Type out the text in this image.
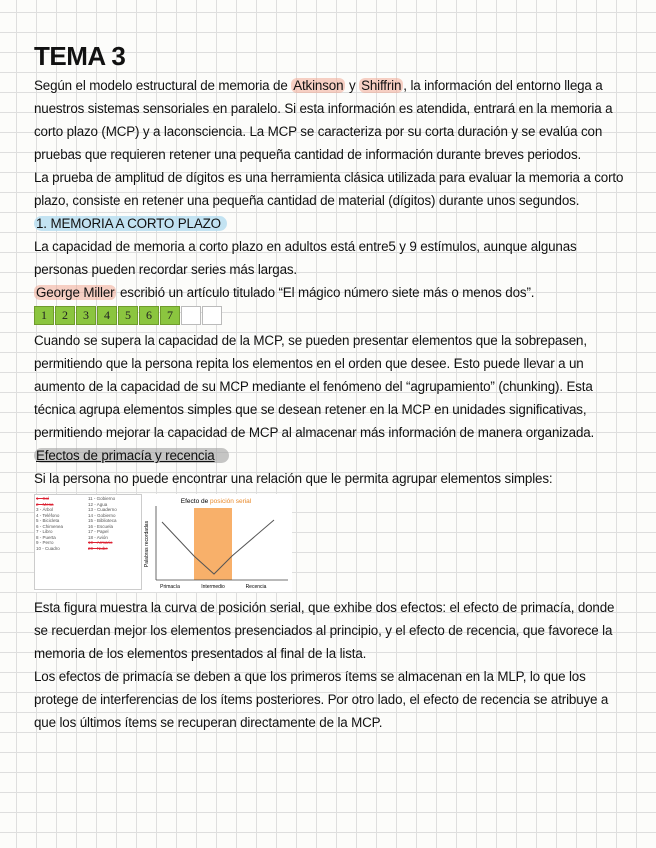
TEMA 3

Según el modelo estructural de memoria de Atkinson y Shiffrin , la información del entorno llega a nuestros sistemas sensoriales en paralelo. Si esta información es atendida, entrará en la memoria a corto plazo (MCP) y a laconsciencia. La MCP se caracteriza por su corta duración y se evalúa con pruebas que requieren retener una pequeña cantidad de información durante breves periodos.

La prueba de amplitud de dígitos es una herramienta clásica utilizada para evaluar la memoria a corto plazo, consiste en retener una pequeña cantidad de material (dígitos) durante unos segundos.

1. MEMORIA A CORTO PLAZO

La capacidad de memoria a corto plazo en adultos está entre5 y 9 estímulos, aunque algunas personas pueden recordar series más largas.

George Miller escribió un artículo titulado “El mágico número siete más o menos dos”.

1	2	3	4	5	6	7

Cuando se supera la capacidad de la MCP, se pueden presentar elementos que la sobrepasen, permitiendo que la persona repita los elementos en el orden que desee. Esto puede llevar a un aumento de la capacidad de su MCP mediante el fenómeno del “agrupamiento” (chunking). Esta técnica agrupa elementos simples que se desean retener en la MCP en unidades significativas, permitiendo mejorar la capacidad de MCP al almacenar más información de manera organizada.

Efectos de primacía y recencia

Si la persona no puede encontrar una relación que le permita agrupar elementos simples:

1 - Sol
2 - Mesa
3 - Árbol
4 - Teléfono
5 - Bicicleta
6 - Chimenea
7 - Libro
8 - Puerta
9 - Perro
10 - Cuadro
11 - Gobierno
12 - Agua
13 - Cuaderno
14 - Gobierno
15 - Biblioteca
16 - Escuela
17 - Papel
18 - Avión
19 - Armario
20 - Nube
Efecto de posición serial
Palabras recordadas
Primacía	Intermedio	Recencia

Esta figura muestra la curva de posición serial, que exhibe dos efectos: el efecto de primacía, donde se recuerdan mejor los elementos presenciados al principio, y el efecto de recencia, que favorece la memoria de los elementos presentados al final de la lista.

Los efectos de primacía se deben a que los primeros ítems se almacenan en la MLP, lo que los protege de interferencias de los ítems posteriores. Por otro lado, el efecto de recencia se atribuye a que los últimos ítems se recuperan directamente de la MCP.
